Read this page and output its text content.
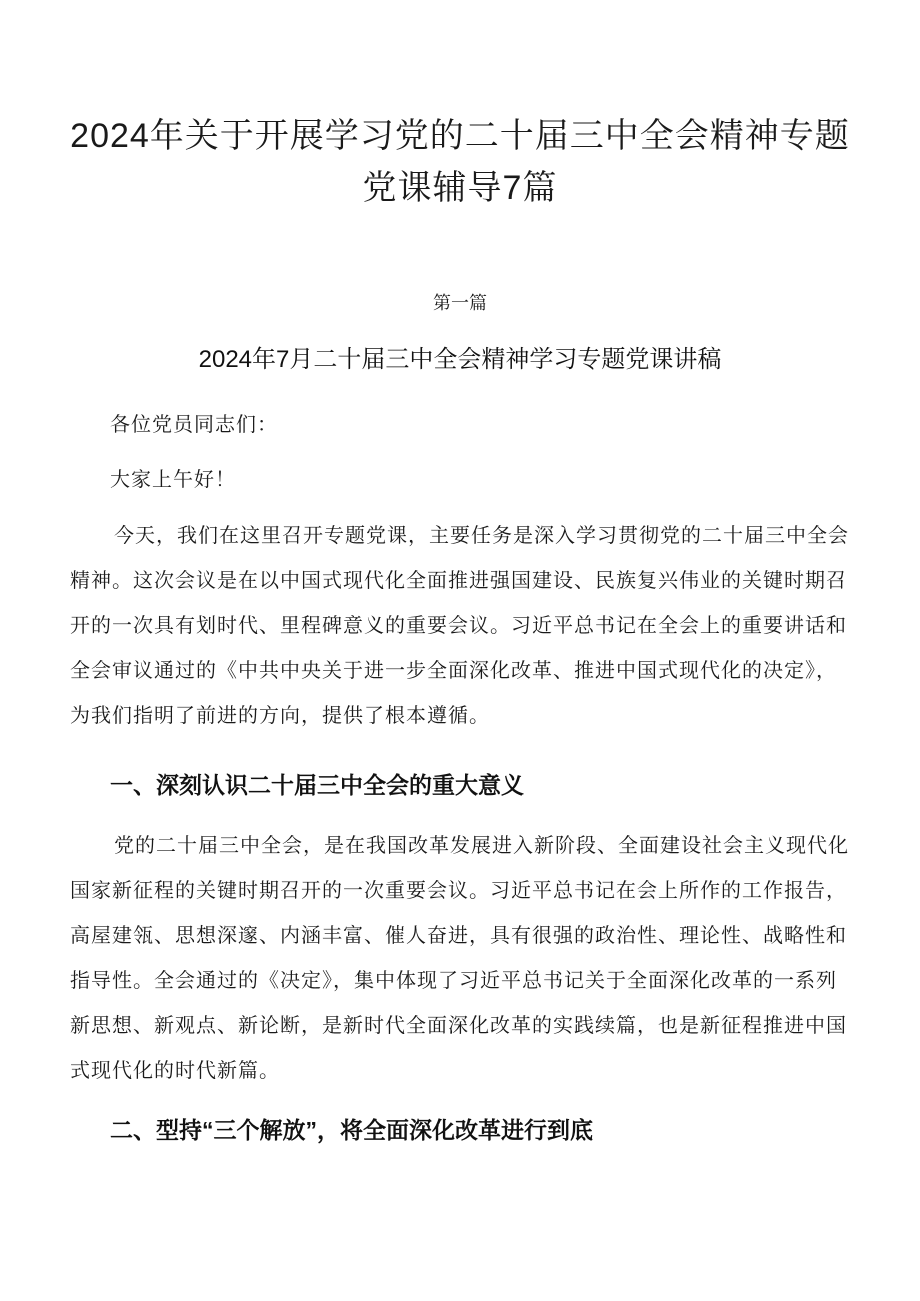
2024年关于开展学习党的二十届三中全会精神专题
党课辅导7篇
第一篇
2024年7月二十届三中全会精神学习专题党课讲稿

各位党员同志们：

大家上午好！

今天，我们在这里召开专题党课，主要任务是深入学习贯彻党的二十届三中全会精神。这次会议是在以中国式现代化全面推进强国建设、民族复兴伟业的关键时期召开的一次具有划时代、里程碑意义的重要会议。习近平总书记在全会上的重要讲话和全会审议通过的《中共中央关于进一步全面深化改革、推进中国式现代化的决定》，为我们指明了前进的方向，提供了根本遵循。

一、深刻认识二十届三中全会的重大意义

党的二十届三中全会，是在我国改革发展进入新阶段、全面建设社会主义现代化国家新征程的关键时期召开的一次重要会议。习近平总书记在会上所作的工作报告，高屋建瓴、思想深邃、内涵丰富、催人奋进，具有很强的政治性、理论性、战略性和指导性。全会通过的《决定》，集中体现了习近平总书记关于全面深化改革的一系列新思想、新观点、新论断，是新时代全面深化改革的实践续篇，也是新征程推进中国式现代化的时代新篇。

二、型持“三个解放”，将全面深化改革进行到底
